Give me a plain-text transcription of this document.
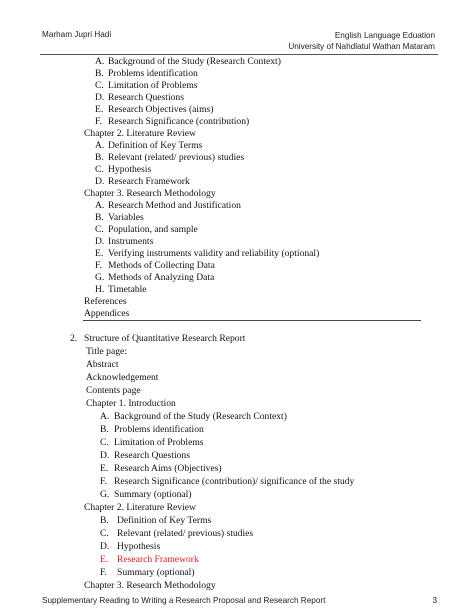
Marham Jupri Hadi	English Language Eduation
University of Nahdlatul Wathan Mataram
A. Background of the Study (Research Context)
B. Problems identification
C. Limitation of Problems
D. Research Questions
E. Research Objectives (aims)
F. Research Significance (contribution)
Chapter 2. Literature Review
A. Definition of Key Terms
B. Relevant (related/ previous) studies
C. Hypothesis
D. Research Framework
Chapter 3. Research Methodology
A. Research Method and Justification
B. Variables
C. Population, and sample
D. Instruments
E. Verifying instruments validity and reliability (optional)
F. Methods of Collecting Data
G. Methods of Analyzing Data
H. Timetable
References
Appendices
2. Structure of Quantitative Research Report
Title page:
Abstract
Acknowledgement
Contents page
Chapter 1. Introduction
A. Background of the Study (Research Context)
B. Problems identification
C. Limitation of Problems
D. Research Questions
E. Research Aims (Objectives)
F. Research Significance (contribution)/ significance of the study
G. Summary (optional)
Chapter 2. Literature Review
B. Definition of Key Terms
C. Relevant (related/ previous) studies
D. Hypothesis
E. Research Framework
F. Summary (optional)
Chapter 3. Research Methodology
Supplementary Reading to Writing a Research Proposal and Research Report	3
